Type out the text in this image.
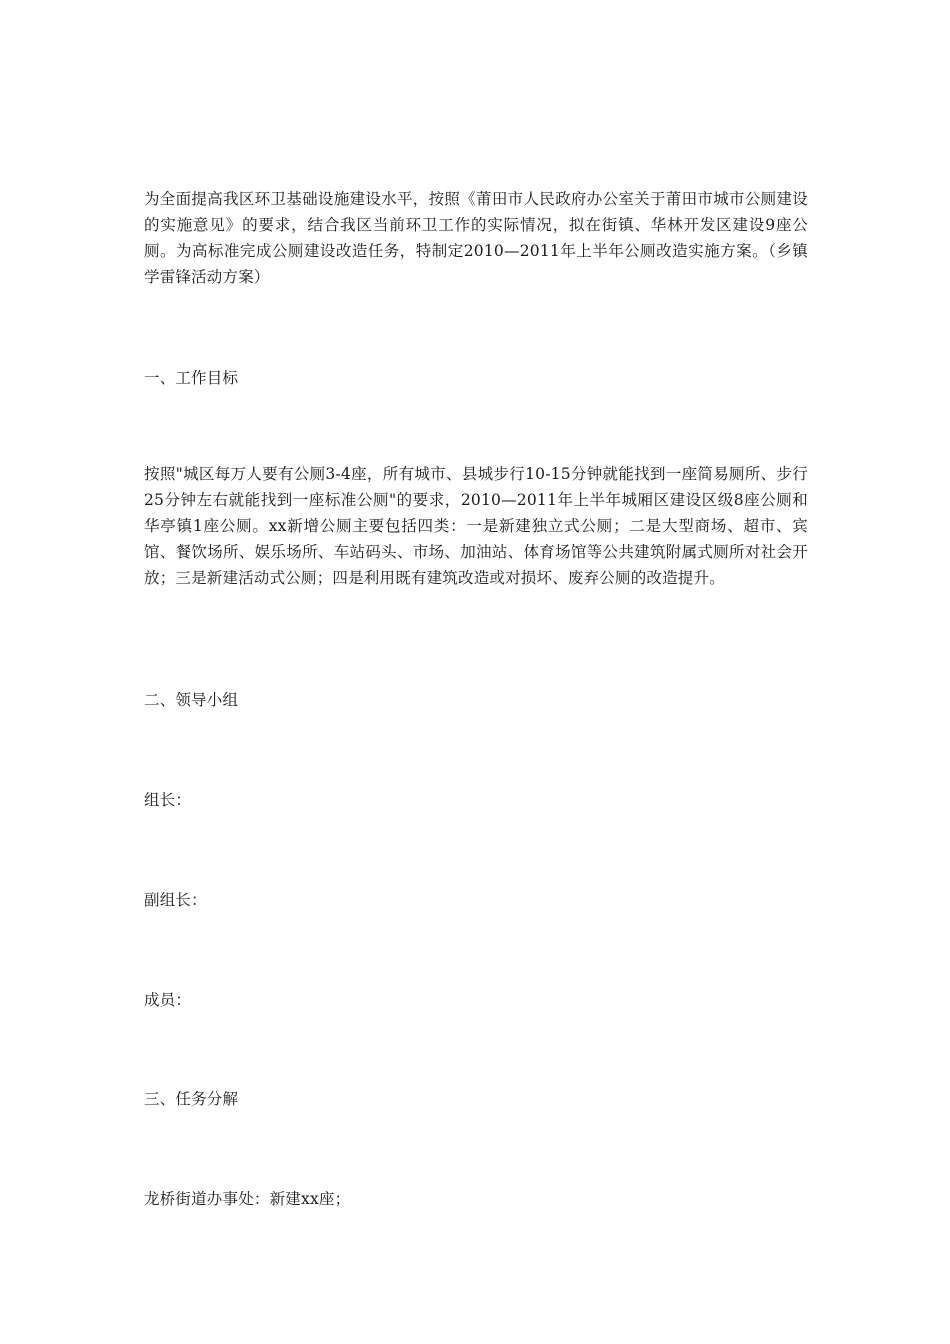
为全面提高我区环卫基础设施建设水平，按照《莆田市人民政府办公室关于莆田市城市公厕建设的实施意见》的要求，结合我区当前环卫工作的实际情况，拟在街镇、华林开发区建设9座公厕。为高标准完成公厕建设改造任务，特制定2010—2011年上半年公厕改造实施方案。（乡镇学雷锋活动方案）

一、工作目标

按照"城区每万人要有公厕3-4座，所有城市、县城步行10-15分钟就能找到一座简易厕所、步行25分钟左右就能找到一座标准公厕"的要求，2010—2011年上半年城厢区建设区级8座公厕和华亭镇1座公厕。xx新增公厕主要包括四类：一是新建独立式公厕；二是大型商场、超市、宾馆、餐饮场所、娱乐场所、车站码头、市场、加油站、体育场馆等公共建筑附属式厕所对社会开放；三是新建活动式公厕；四是利用既有建筑改造或对损坏、废弃公厕的改造提升。

二、领导小组

组长：

副组长：

成员：

三、任务分解

龙桥街道办事处：新建xx座；
